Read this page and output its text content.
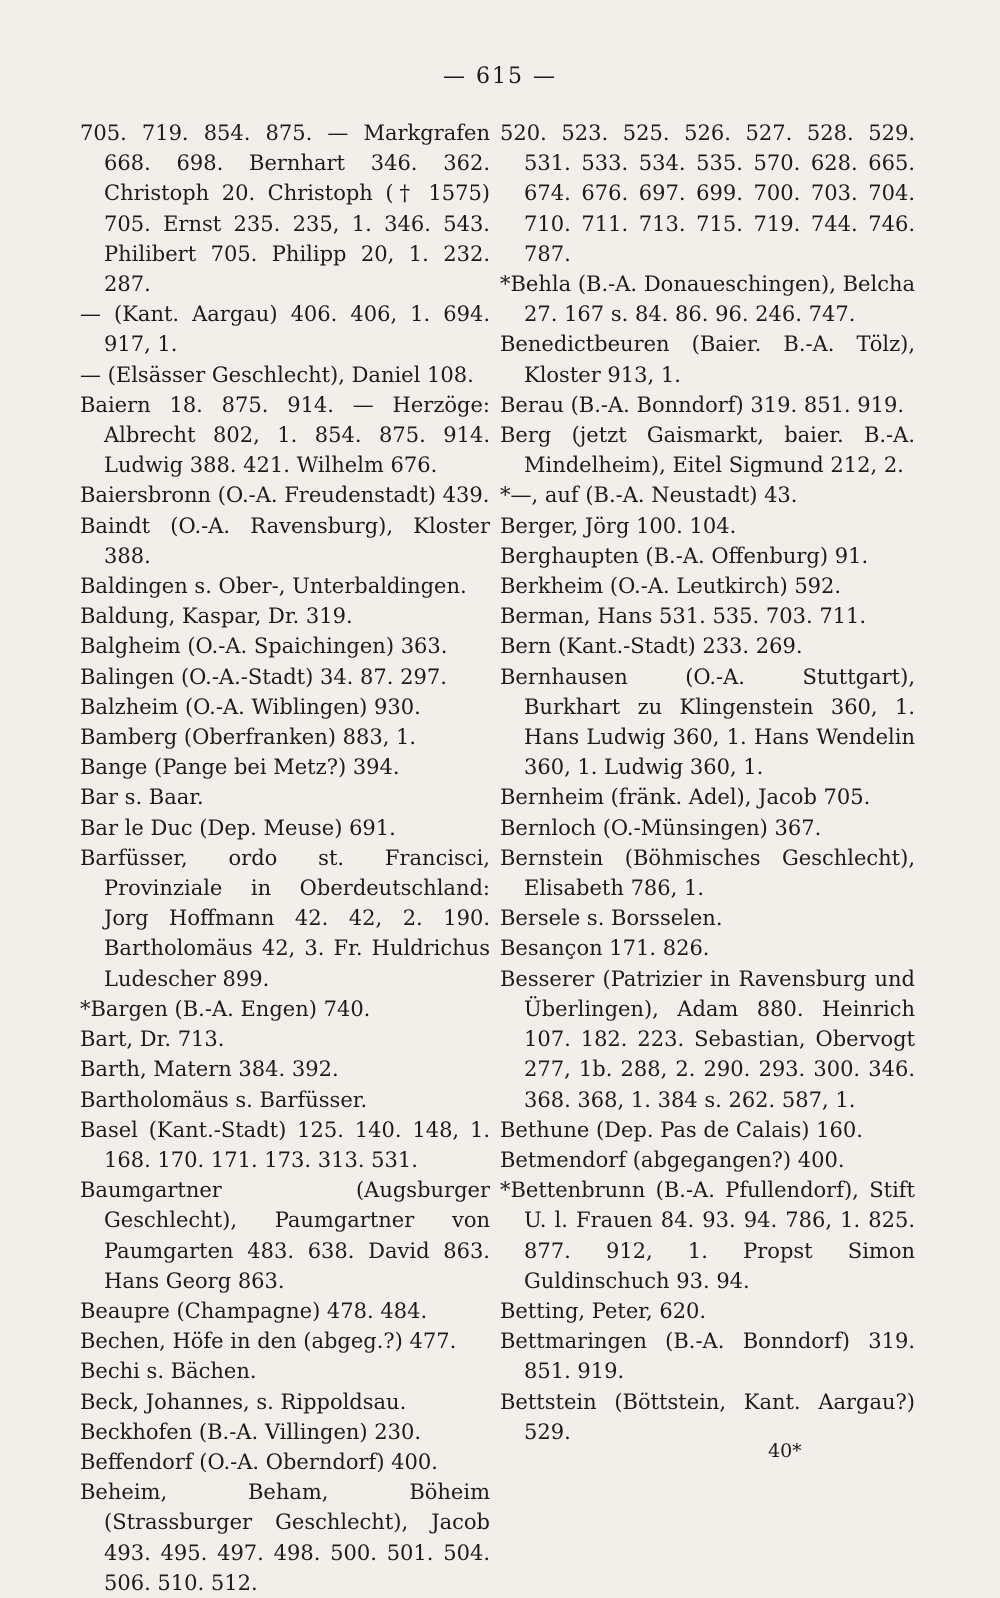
— 615 —

705. 719. 854. 875. — Markgrafen 668. 698. Bernhart 346. 362. Christoph 20. Christoph († 1575) 705. Ernst 235. 235, 1. 346. 543. Philibert 705. Philipp 20, 1. 232. 287.

— (Kant. Aargau) 406. 406, 1. 694. 917, 1.

— (Elsässer Geschlecht), Daniel 108.

Baiern 18. 875. 914. — Herzöge: Albrecht 802, 1. 854. 875. 914. Ludwig 388. 421. Wilhelm 676.

Baiersbronn (O.-A. Freudenstadt) 439.

Baindt (O.-A. Ravensburg), Kloster 388.

Baldingen s. Ober-, Unterbaldingen.

Baldung, Kaspar, Dr. 319.

Balgheim (O.-A. Spaichingen) 363.

Balingen (O.-A.-Stadt) 34. 87. 297.

Balzheim (O.-A. Wiblingen) 930.

Bamberg (Oberfranken) 883, 1.

Bange (Pange bei Metz?) 394.

Bar s. Baar.

Bar le Duc (Dep. Meuse) 691.

Barfüsser, ordo st. Francisci, Provinziale in Oberdeutschland: Jorg Hoffmann 42. 42, 2. 190. Bartholomäus 42, 3. Fr. Huldrichus Ludescher 899.

*Bargen (B.-A. Engen) 740.

Bart, Dr. 713.

Barth, Matern 384. 392.

Bartholomäus s. Barfüsser.

Basel (Kant.-Stadt) 125. 140. 148, 1. 168. 170. 171. 173. 313. 531.

Baumgartner (Augsburger Geschlecht), Paumgartner von Paumgarten 483. 638. David 863. Hans Georg 863.

Beaupre (Champagne) 478. 484.

Bechen, Höfe in den (abgeg.?) 477.

Bechi s. Bächen.

Beck, Johannes, s. Rippoldsau.

Beckhofen (B.-A. Villingen) 230.

Beffendorf (O.-A. Oberndorf) 400.

Beheim, Beham, Böheim (Strassburger Geschlecht), Jacob 493. 495. 497. 498. 500. 501. 504. 506. 510. 512.

520. 523. 525. 526. 527. 528. 529. 531. 533. 534. 535. 570. 628. 665. 674. 676. 697. 699. 700. 703. 704. 710. 711. 713. 715. 719. 744. 746. 787.

*Behla (B.-A. Donaueschingen), Belcha 27. 167 s. 84. 86. 96. 246. 747.

Benedictbeuren (Baier. B.-A. Tölz), Kloster 913, 1.

Berau (B.-A. Bonndorf) 319. 851. 919.

Berg (jetzt Gaismarkt, baier. B.-A. Mindelheim), Eitel Sigmund 212, 2.

*—, auf (B.-A. Neustadt) 43.

Berger, Jörg 100. 104.

Berghaupten (B.-A. Offenburg) 91.

Berkheim (O.-A. Leutkirch) 592.

Berman, Hans 531. 535. 703. 711.

Bern (Kant.-Stadt) 233. 269.

Bernhausen (O.-A. Stuttgart), Burkhart zu Klingenstein 360, 1. Hans Ludwig 360, 1. Hans Wendelin 360, 1. Ludwig 360, 1.

Bernheim (fränk. Adel), Jacob 705.

Bernloch (O.-Münsingen) 367.

Bernstein (Böhmisches Geschlecht), Elisabeth 786, 1.

Bersele s. Borsselen.

Besançon 171. 826.

Besserer (Patrizier in Ravensburg und Überlingen), Adam 880. Heinrich 107. 182. 223. Sebastian, Obervogt 277, 1b. 288, 2. 290. 293. 300. 346. 368. 368, 1. 384 s. 262. 587, 1.

Bethune (Dep. Pas de Calais) 160.

Betmendorf (abgegangen?) 400.

*Bettenbrunn (B.-A. Pfullendorf), Stift U. l. Frauen 84. 93. 94. 786, 1. 825. 877. 912, 1. Propst Simon Guldinschuch 93. 94.

Betting, Peter, 620.

Bettmaringen (B.-A. Bonndorf) 319. 851. 919.

Bettstein (Böttstein, Kant. Aargau?) 529.

40*
